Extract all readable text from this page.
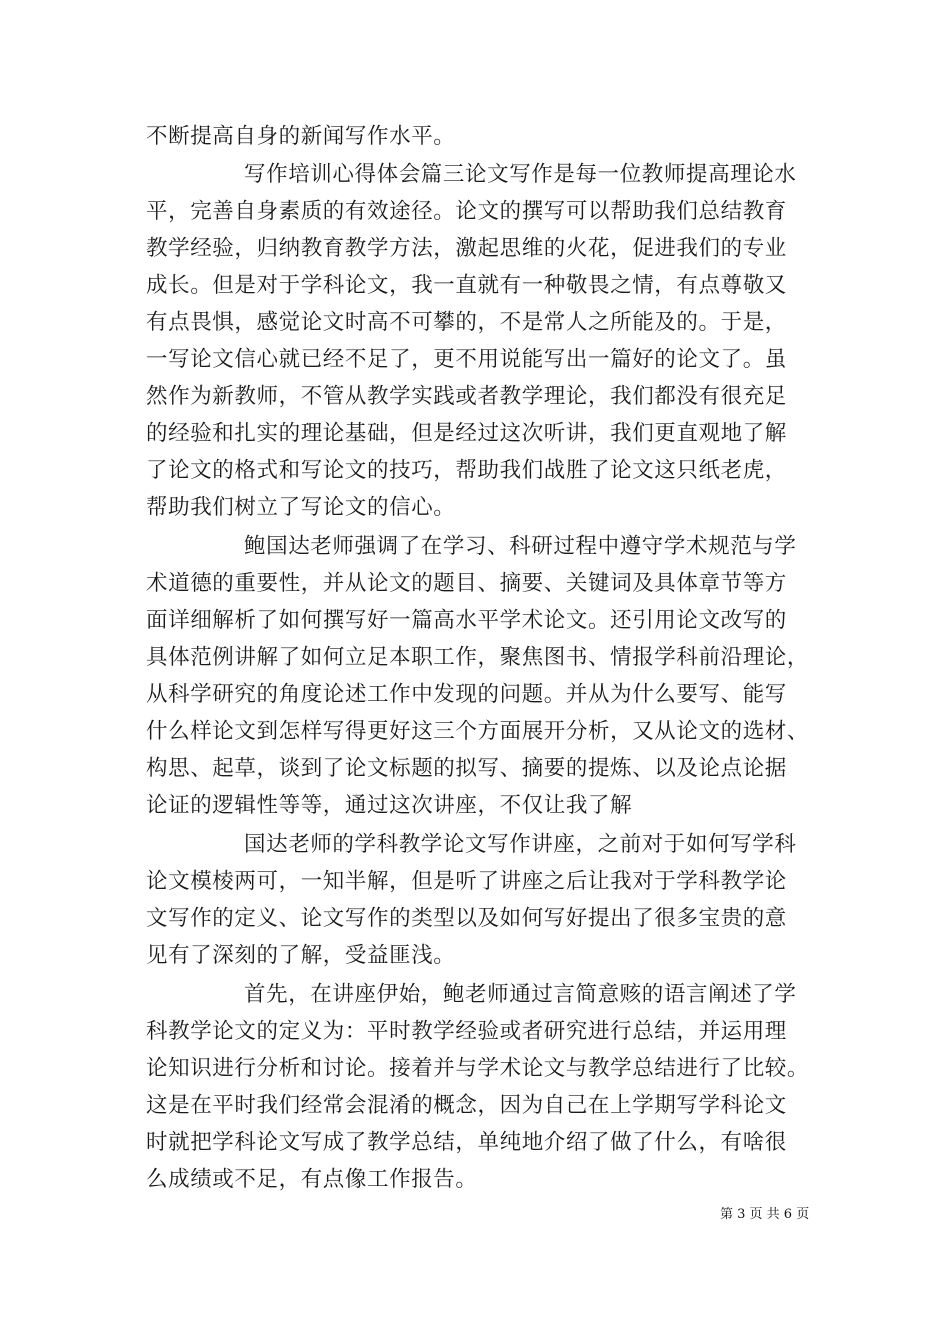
不断提高自身的新闻写作水平。
写作培训心得体会篇三论文写作是每一位教师提高理论水
平，完善自身素质的有效途径。论文的撰写可以帮助我们总结教育
教学经验，归纳教育教学方法，激起思维的火花，促进我们的专业
成长。但是对于学科论文，我一直就有一种敬畏之情，有点尊敬又
有点畏惧，感觉论文时高不可攀的，不是常人之所能及的。于是，
一写论文信心就已经不足了，更不用说能写出一篇好的论文了。虽
然作为新教师，不管从教学实践或者教学理论，我们都没有很充足
的经验和扎实的理论基础，但是经过这次听讲，我们更直观地了解
了论文的格式和写论文的技巧，帮助我们战胜了论文这只纸老虎，
帮助我们树立了写论文的信心。
鲍国达老师强调了在学习、科研过程中遵守学术规范与学
术道德的重要性，并从论文的题目、摘要、关键词及具体章节等方
面详细解析了如何撰写好一篇高水平学术论文。还引用论文改写的
具体范例讲解了如何立足本职工作，聚焦图书、情报学科前沿理论，
从科学研究的角度论述工作中发现的问题。并从为什么要写、能写
什么样论文到怎样写得更好这三个方面展开分析，又从论文的选材、
构思、起草，谈到了论文标题的拟写、摘要的提炼、以及论点论据
论证的逻辑性等等，通过这次讲座，不仅让我了解
国达老师的学科教学论文写作讲座，之前对于如何写学科
论文模棱两可，一知半解，但是听了讲座之后让我对于学科教学论
文写作的定义、论文写作的类型以及如何写好提出了很多宝贵的意
见有了深刻的了解，受益匪浅。
首先，在讲座伊始，鲍老师通过言简意赅的语言阐述了学
科教学论文的定义为：平时教学经验或者研究进行总结，并运用理
论知识进行分析和讨论。接着并与学术论文与教学总结进行了比较。
这是在平时我们经常会混淆的概念，因为自己在上学期写学科论文
时就把学科论文写成了教学总结，单纯地介绍了做了什么，有啥很
么成绩或不足，有点像工作报告。
第 3 页 共 6 页
